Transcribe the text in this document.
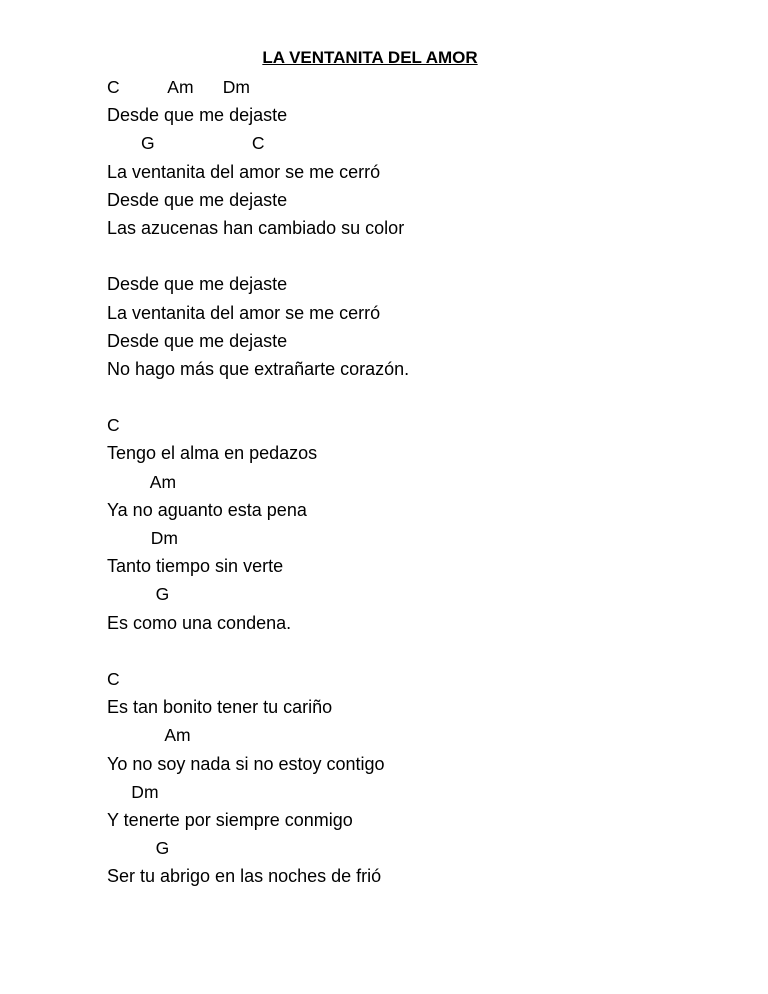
LA VENTANITA DEL AMOR
C          Am      Dm
Desde que me dejaste
G                    C
La ventanita del amor se me cerró
Desde que me dejaste
Las azucenas han cambiado su color
Desde que me dejaste
La ventanita del amor se me cerró
Desde que me dejaste
No hago más que extrañarte corazón.
C
Tengo el alma en pedazos
Am
Ya no aguanto esta pena
Dm
Tanto tiempo sin verte
G
Es como una condena.
C
Es tan bonito tener tu cariño
Am
Yo no soy nada si no estoy contigo
Dm
Y tenerte por siempre conmigo
G
Ser tu abrigo en las noches de frió
